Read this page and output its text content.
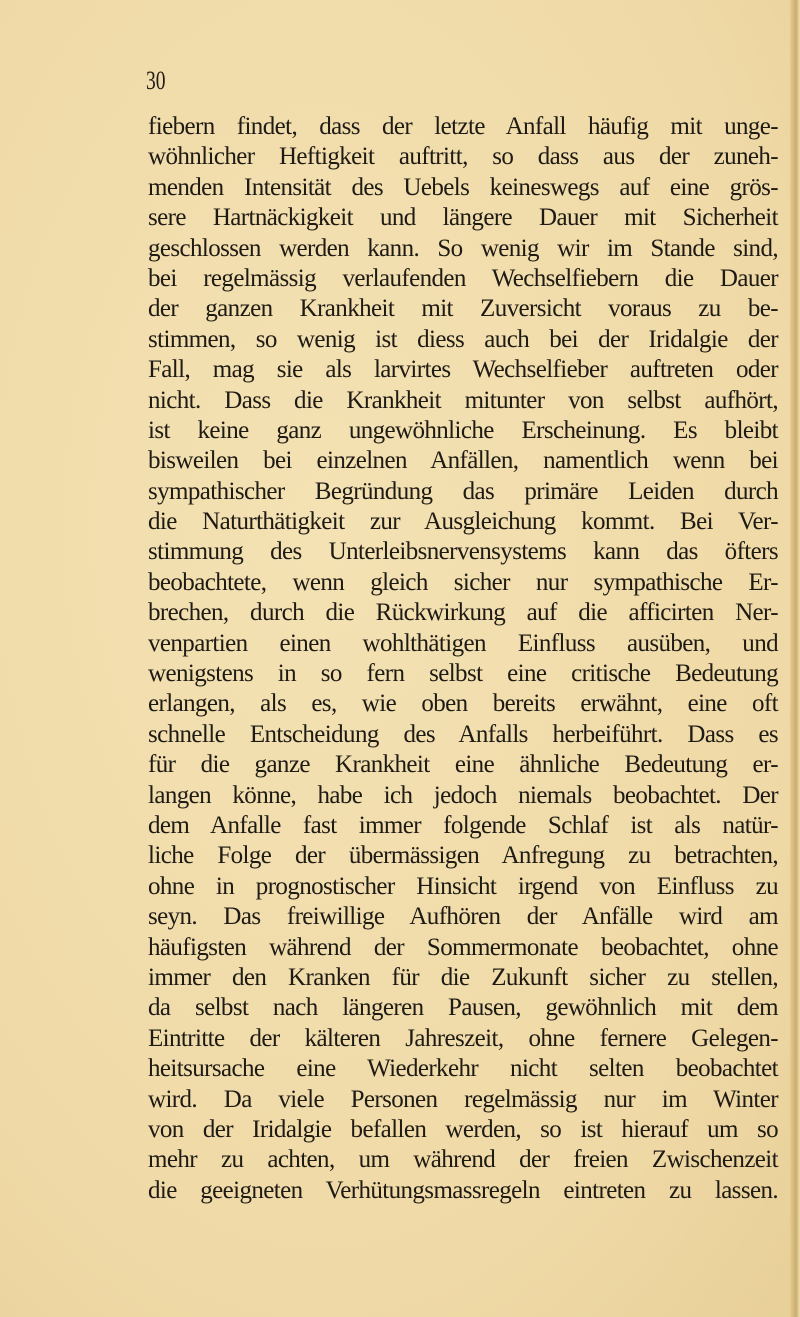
30
fiebern findet, dass der letzte Anfall häufig mit unge-
wöhnlicher Heftigkeit auftritt, so dass aus der zuneh-
menden Intensität des Uebels keineswegs auf eine grös-
sere Hartnäckigkeit und längere Dauer mit Sicherheit
geschlossen werden kann. So wenig wir im Stande sind,
bei regelmässig verlaufenden Wechselfiebern die Dauer
der ganzen Krankheit mit Zuversicht voraus zu be-
stimmen, so wenig ist diess auch bei der Iridalgie der
Fall, mag sie als larvirtes Wechselfieber auftreten oder
nicht. Dass die Krankheit mitunter von selbst aufhört,
ist keine ganz ungewöhnliche Erscheinung. Es bleibt
bisweilen bei einzelnen Anfällen, namentlich wenn bei
sympathischer Begründung das primäre Leiden durch
die Naturthätigkeit zur Ausgleichung kommt. Bei Ver-
stimmung des Unterleibsnervensystems kann das öfters
beobachtete, wenn gleich sicher nur sympathische Er-
brechen, durch die Rückwirkung auf die afficirten Ner-
venpartien einen wohlthätigen Einfluss ausüben, und
wenigstens in so fern selbst eine critische Bedeutung
erlangen, als es, wie oben bereits erwähnt, eine oft
schnelle Entscheidung des Anfalls herbeiführt. Dass es
für die ganze Krankheit eine ähnliche Bedeutung er-
langen könne, habe ich jedoch niemals beobachtet. Der
dem Anfalle fast immer folgende Schlaf ist als natür-
liche Folge der übermässigen Anfregung zu betrachten,
ohne in prognostischer Hinsicht irgend von Einfluss zu
seyn. Das freiwillige Aufhören der Anfälle wird am
häufigsten während der Sommermonate beobachtet, ohne
immer den Kranken für die Zukunft sicher zu stellen,
da selbst nach längeren Pausen, gewöhnlich mit dem
Eintritte der kälteren Jahreszeit, ohne fernere Gelegen-
heitsursache eine Wiederkehr nicht selten beobachtet
wird. Da viele Personen regelmässig nur im Winter
von der Iridalgie befallen werden, so ist hierauf um so
mehr zu achten, um während der freien Zwischenzeit
die geeigneten Verhütungsmassregeln eintreten zu lassen.
